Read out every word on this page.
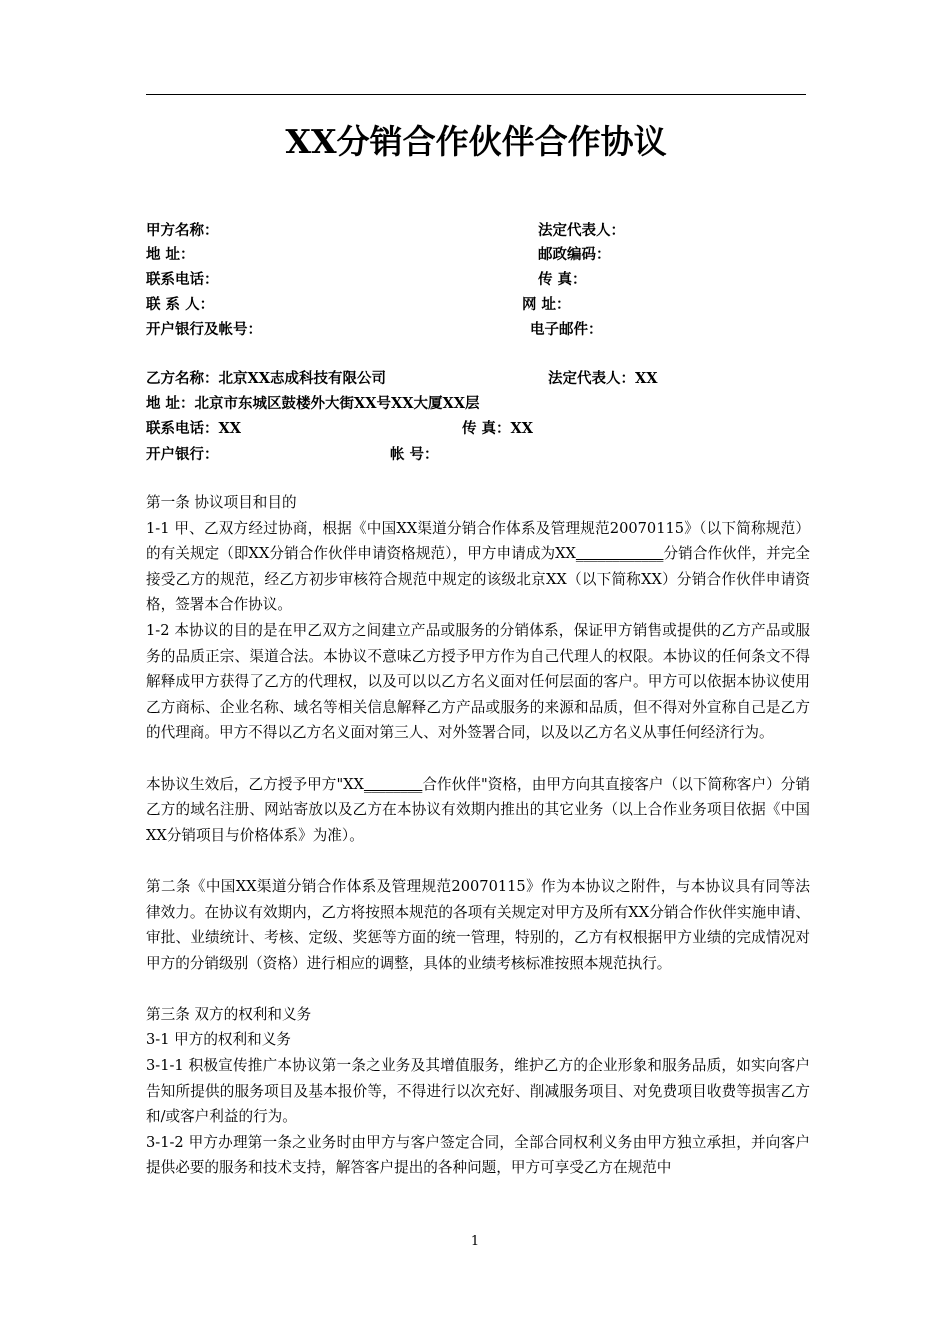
XX分销合作伙伴合作协议
甲方名称：	法定代表人：
地 址：	邮政编码：
联系电话：	传 真：
联 系 人：	网 址：
开户银行及帐号：	电子邮件：
乙方名称：北京XX志成科技有限公司	法定代表人：XX
地 址：北京市东城区鼓楼外大街XX号XX大厦XX层
联系电话：XX	传 真：XX
开户银行：	帐 号：

第一条 协议项目和目的

1-1 甲、乙双方经过协商，根据《中国XX渠道分销合作体系及管理规范20070115》（以下简称规范）的有关规定（即XX分销合作伙伴申请资格规范），甲方申请成为XX____________分销合作伙伴，并完全接受乙方的规范，经乙方初步审核符合规范中规定的该级北京XX（以下简称XX）分销合作伙伴申请资格，签署本合作协议。

1-2 本协议的目的是在甲乙双方之间建立产品或服务的分销体系，保证甲方销售或提供的乙方产品或服务的品质正宗、渠道合法。本协议不意味乙方授予甲方作为自己代理人的权限。本协议的任何条文不得解释成甲方获得了乙方的代理权，以及可以以乙方名义面对任何层面的客户。甲方可以依据本协议使用乙方商标、企业名称、域名等相关信息解释乙方产品或服务的来源和品质，但不得对外宣称自己是乙方的代理商。甲方不得以乙方名义面对第三人、对外签署合同，以及以乙方名义从事任何经济行为。

本协议生效后，乙方授予甲方"XX________合作伙伴"资格，由甲方向其直接客户（以下简称客户）分销乙方的域名注册、网站寄放以及乙方在本协议有效期内推出的其它业务（以上合作业务项目依据《中国XX分销项目与价格体系》为准）。

第二条《中国XX渠道分销合作体系及管理规范20070115》作为本协议之附件，与本协议具有同等法律效力。在协议有效期内，乙方将按照本规范的各项有关规定对甲方及所有XX分销合作伙伴实施申请、审批、业绩统计、考核、定级、奖惩等方面的统一管理，特别的，乙方有权根据甲方业绩的完成情况对甲方的分销级别（资格）进行相应的调整，具体的业绩考核标准按照本规范执行。

第三条 双方的权利和义务

3-1 甲方的权利和义务

3-1-1 积极宣传推广本协议第一条之业务及其增值服务，维护乙方的企业形象和服务品质，如实向客户告知所提供的服务项目及基本报价等，不得进行以次充好、削减服务项目、对免费项目收费等损害乙方和/或客户利益的行为。

3-1-2 甲方办理第一条之业务时由甲方与客户签定合同，全部合同权利义务由甲方独立承担，并向客户提供必要的服务和技术支持，解答客户提出的各种问题，甲方可享受乙方在规范中

1
